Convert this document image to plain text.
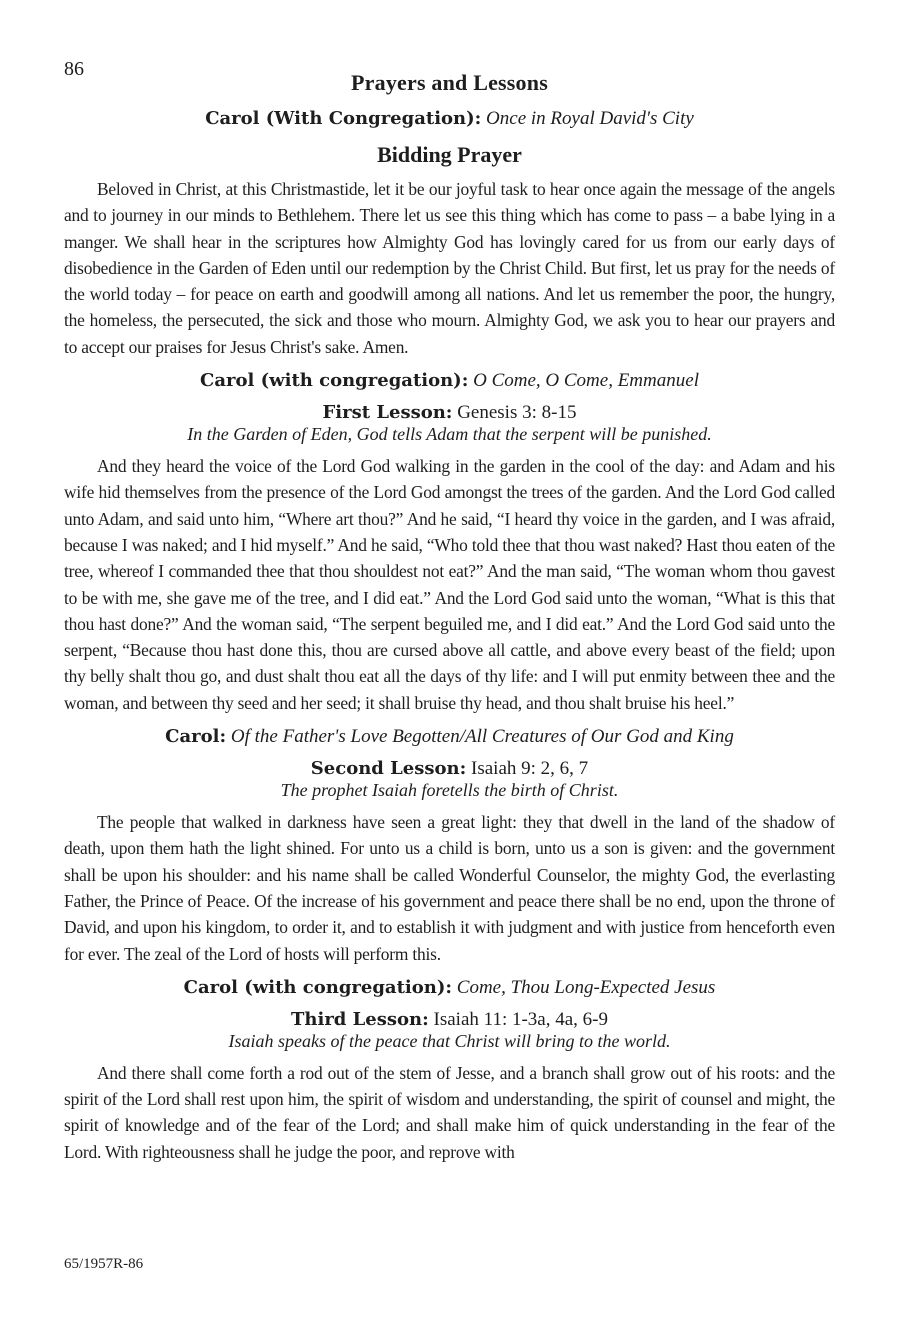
86
Prayers and Lessons

Carol (With Congregation): Once in Royal David's City

Bidding Prayer

Beloved in Christ, at this Christmastide, let it be our joyful task to hear once again the message of the angels and to journey in our minds to Bethlehem. There let us see this thing which has come to pass – a babe lying in a manger. We shall hear in the scriptures how Almighty God has lovingly cared for us from our early days of disobedience in the Garden of Eden until our redemption by the Christ Child. But first, let us pray for the needs of the world today – for peace on earth and goodwill among all nations. And let us remember the poor, the hungry, the homeless, the persecuted, the sick and those who mourn. Almighty God, we ask you to hear our prayers and to accept our praises for Jesus Christ's sake. Amen.

Carol (with congregation): O Come, O Come, Emmanuel

First Lesson: Genesis 3: 8-15

In the Garden of Eden, God tells Adam that the serpent will be punished.

And they heard the voice of the Lord God walking in the garden in the cool of the day: and Adam and his wife hid themselves from the presence of the Lord God amongst the trees of the garden. And the Lord God called unto Adam, and said unto him, “Where art thou?” And he said, “I heard thy voice in the garden, and I was afraid, because I was naked; and I hid myself.” And he said, “Who told thee that thou wast naked? Hast thou eaten of the tree, whereof I commanded thee that thou shouldest not eat?” And the man said, “The woman whom thou gavest to be with me, she gave me of the tree, and I did eat.” And the Lord God said unto the woman, “What is this that thou hast done?” And the woman said, “The serpent beguiled me, and I did eat.” And the Lord God said unto the serpent, “Because thou hast done this, thou are cursed above all cattle, and above every beast of the field; upon thy belly shalt thou go, and dust shalt thou eat all the days of thy life: and I will put enmity between thee and the woman, and between thy seed and her seed; it shall bruise thy head, and thou shalt bruise his heel.”

Carol: Of the Father's Love Begotten/All Creatures of Our God and King

Second Lesson: Isaiah 9: 2, 6, 7

The prophet Isaiah foretells the birth of Christ.

The people that walked in darkness have seen a great light: they that dwell in the land of the shadow of death, upon them hath the light shined. For unto us a child is born, unto us a son is given: and the government shall be upon his shoulder: and his name shall be called Wonderful Counselor, the mighty God, the everlasting Father, the Prince of Peace. Of the increase of his government and peace there shall be no end, upon the throne of David, and upon his kingdom, to order it, and to establish it with judgment and with justice from henceforth even for ever. The zeal of the Lord of hosts will perform this.

Carol (with congregation): Come, Thou Long-Expected Jesus

Third Lesson: Isaiah 11: 1-3a, 4a, 6-9

Isaiah speaks of the peace that Christ will bring to the world.

And there shall come forth a rod out of the stem of Jesse, and a branch shall grow out of his roots: and the spirit of the Lord shall rest upon him, the spirit of wisdom and understanding, the spirit of counsel and might, the spirit of knowledge and of the fear of the Lord; and shall make him of quick understanding in the fear of the Lord. With righteousness shall he judge the poor, and reprove with

65/1957R-86
